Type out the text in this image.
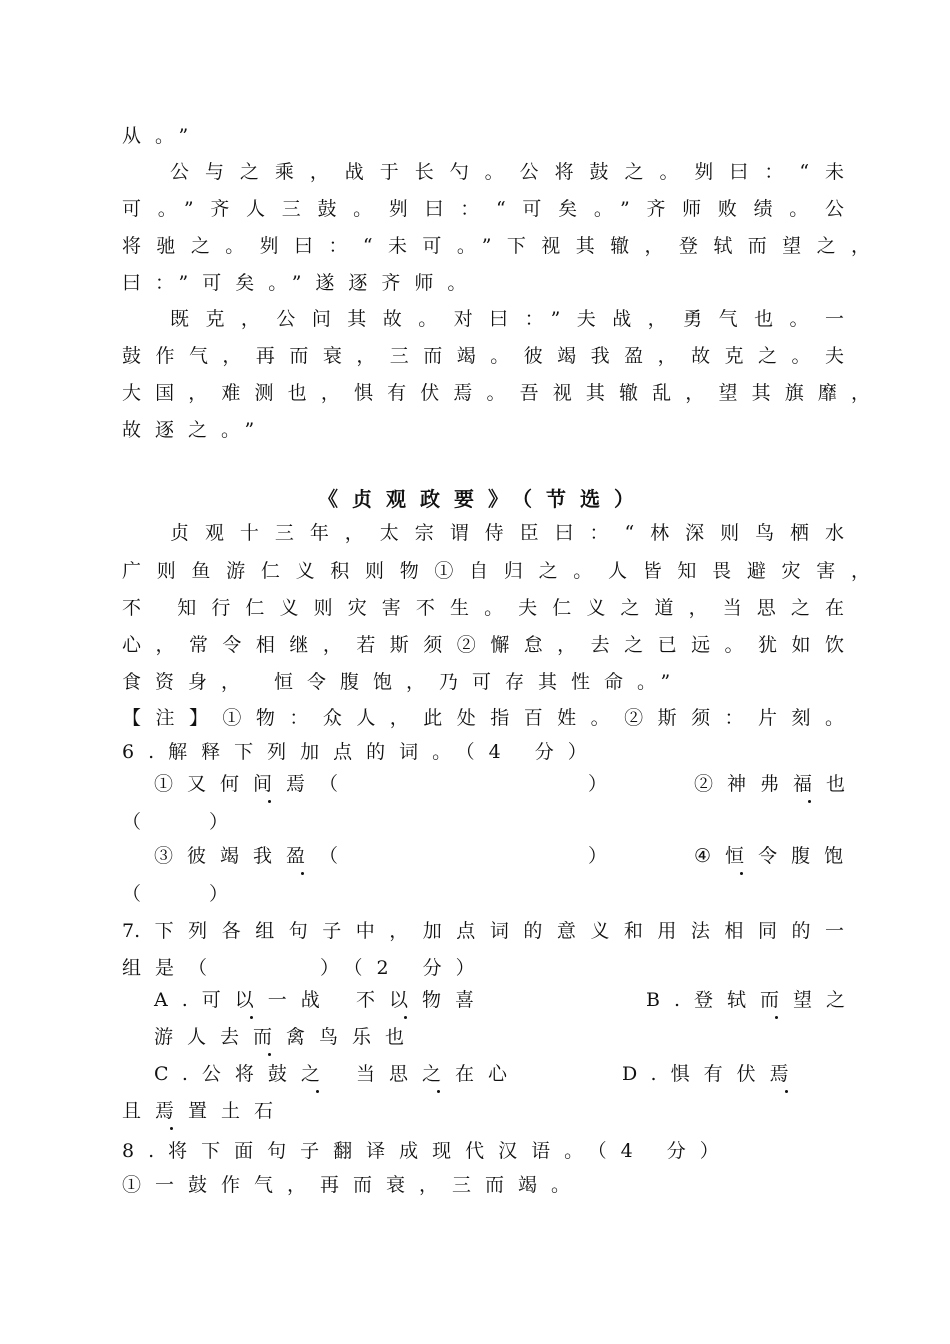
从。”
公与之乘，战于长勺。公将鼓之。刿曰：“未
可。”齐人三鼓。刿曰：“可矣。”齐师败绩。公
将驰之。刿曰：“未可。”下视其辙，登轼而望之，
曰：”可矣。”遂逐齐师。
既克，公问其故。对曰：”夫战，勇气也。一
鼓作气，再而衰，三而竭。彼竭我盈，故克之。夫
大国，难测也，惧有伏焉。吾视其辙乱，望其旗靡，
故逐之。”
《贞观政要》（节选）
贞观十三年，太宗谓侍臣曰：“林深则鸟栖水
广则鱼游仁义积则物①自归之。人皆知畏避灾害，
不 知行仁义则灾害不生。夫仁义之道，当思之在
心，常令相继，若斯须②懈怠，去之已远。犹如饮
食资身， 恒令腹饱，乃可存其性命。”
【注】①物：众人，此处指百姓。②斯须：片刻。
6.解释下列加点的词。（4 分）
①又何间焉（	）	②神弗福也
（　　）
③彼竭我盈（	）	④恒令腹饱
（　　）
7.下列各组句子中，加点词的意义和用法相同的一
组是（　　　）（2 分）
A.可以一战	不以物喜	B.登轼而望之
游人去而禽鸟乐也
C.公将鼓之	当思之在心	D.惧有伏焉
且焉置土石
8.将下面句子翻译成现代汉语。（4 分）
①一鼓作气，再而衰，三而竭。
